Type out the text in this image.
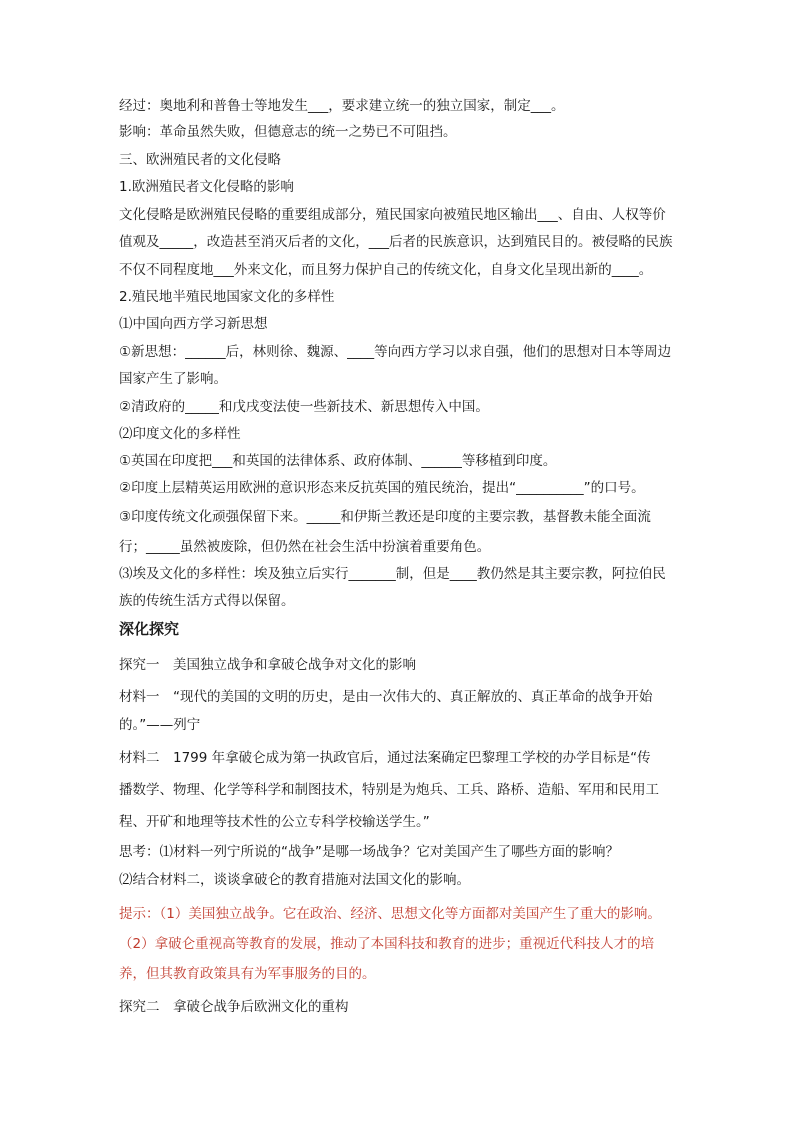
经过：奥地利和普鲁士等地发生___，要求建立统一的独立国家，制定___。
影响：革命虽然失败，但德意志的统一之势已不可阻挡。
三、欧洲殖民者的文化侵略
1.欧洲殖民者文化侵略的影响
文化侵略是欧洲殖民侵略的重要组成部分，殖民国家向被殖民地区输出___、自由、人权等价
值观及_____，改造甚至消灭后者的文化，___后者的民族意识，达到殖民目的。被侵略的民族
不仅不同程度地___外来文化，而且努力保护自己的传统文化，自身文化呈现出新的____。
2.殖民地半殖民地国家文化的多样性
⑴中国向西方学习新思想
①新思想：______后，林则徐、魏源、____等向西方学习以求自强，他们的思想对日本等周边
国家产生了影响。
②清政府的_____和戊戌变法使一些新技术、新思想传入中国。
⑵印度文化的多样性
①英国在印度把___和英国的法律体系、政府体制、______等移植到印度。
②印度上层精英运用欧洲的意识形态来反抗英国的殖民统治，提出“__________”的口号。
③印度传统文化顽强保留下来。_____和伊斯兰教还是印度的主要宗教，基督教未能全面流
行；_____虽然被废除，但仍然在社会生活中扮演着重要角色。
⑶埃及文化的多样性：埃及独立后实行_______制，但是____教仍然是其主要宗教，阿拉伯民
族的传统生活方式得以保留。
深化探究
探究一　美国独立战争和拿破仑战争对文化的影响
材料一　“现代的美国的文明的历史，是由一次伟大的、真正解放的、真正革命的战争开始
的。”——列宁
材料二　1799 年拿破仑成为第一执政官后，通过法案确定巴黎理工学校的办学目标是“传
播数学、物理、化学等科学和制图技术，特别是为炮兵、工兵、路桥、造船、军用和民用工
程、开矿和地理等技术性的公立专科学校输送学生。”
思考：⑴材料一列宁所说的“战争”是哪一场战争？它对美国产生了哪些方面的影响？
⑵结合材料二，谈谈拿破仑的教育措施对法国文化的影响。
提示：（1）美国独立战争。它在政治、经济、思想文化等方面都对美国产生了重大的影响。
（2）拿破仑重视高等教育的发展，推动了本国科技和教育的进步；重视近代科技人才的培
养，但其教育政策具有为军事服务的目的。
探究二　拿破仑战争后欧洲文化的重构
